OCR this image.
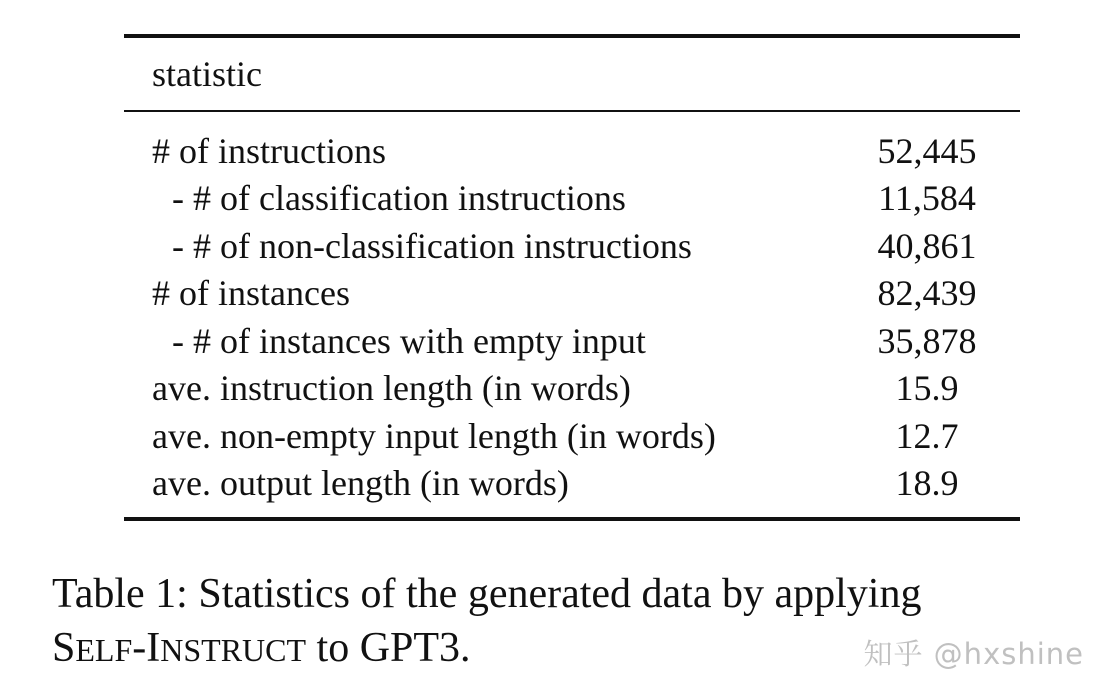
statistic
# of instructions	52,445
- # of classification instructions	11,584
- # of non-classification instructions	40,861
# of instances	82,439
- # of instances with empty input	35,878
ave. instruction length (in words)	15.9
ave. non-empty input length (in words)	12.7
ave. output length (in words)	18.9
Table 1: Statistics of the generated data by applying
SELF-INSTRUCT to GPT3.	知乎 @hxshine
